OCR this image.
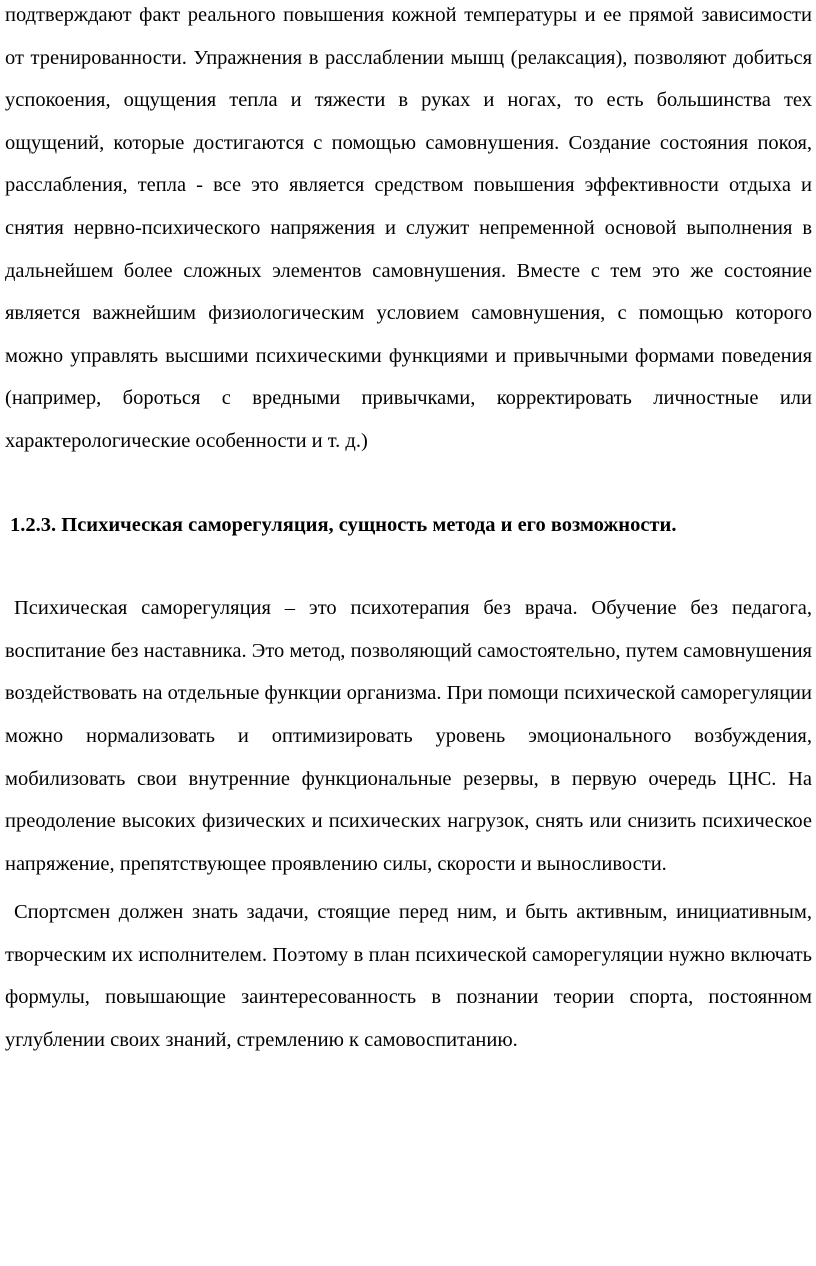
подтверждают факт реального повышения кожной температуры и ее прямой зависимости от тренированности. Упражнения в расслаблении мышц (релаксация), позволяют добиться успокоения, ощущения тепла и тяжести в руках и ногах, то есть большинства тех ощущений, которые достигаются с помощью самовнушения. Создание состояния покоя, расслабления, тепла - все это является средством повышения эффективности отдыха и снятия нервно-психического напряжения и служит непременной основой выполнения в дальнейшем более сложных элементов самовнушения. Вместе с тем это же состояние является важнейшим физиологическим условием самовнушения, с помощью которого можно управлять высшими психическими функциями и привычными формами поведения (например, бороться с вредными привычками, корректировать личностные или характерологические особенности и т. д.)

1.2.3. Психическая саморегуляция, сущность метода и его возможности.

Психическая саморегуляция – это психотерапия без врача. Обучение без педагога, воспитание без наставника. Это метод, позволяющий самостоятельно, путем самовнушения воздействовать на отдельные функции организма. При помощи психической саморегуляции можно нормализовать и оптимизировать уровень эмоционального возбуждения, мобилизовать свои внутренние функциональные резервы, в первую очередь ЦНС. На преодоление высоких физических и психических нагрузок, снять или снизить психическое напряжение, препятствующее проявлению силы, скорости и выносливости.

Спортсмен должен знать задачи, стоящие перед ним, и быть активным, инициативным, творческим их исполнителем. Поэтому в план психической саморегуляции нужно включать формулы, повышающие заинтересованность в познании теории спорта, постоянном углублении своих знаний, стремлению к самовоспитанию.
